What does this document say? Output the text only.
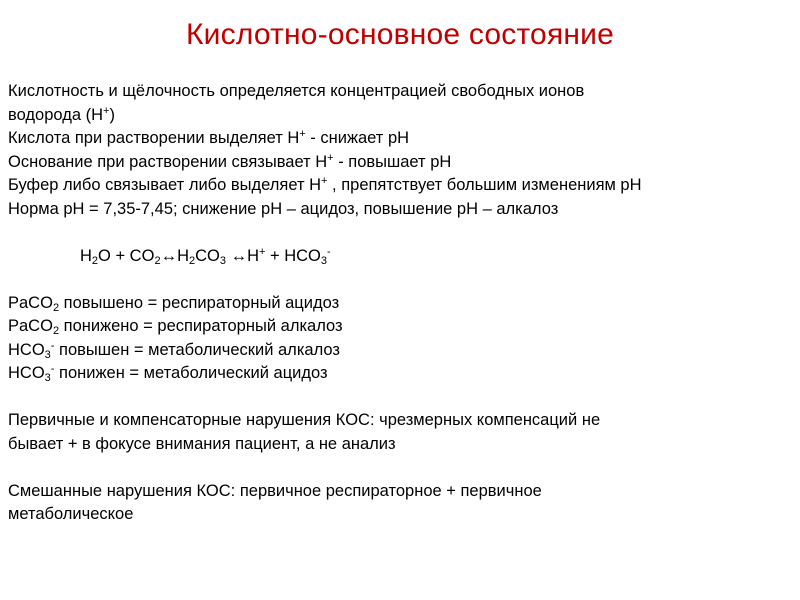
Кислотно-основное состояние
Кислотность и щёлочность определяется концентрацией свободных ионов
водорода (H+)
Кислота при растворении выделяет H+ - снижает рН
Основание при растворении связывает H+ - повышает рН
Буфер либо связывает либо выделяет H+ , препятствует большим изменениям рН
Норма рН = 7,35-7,45; снижение рН – ацидоз, повышение рН – алкалоз
$H_2O$ + $CO_2\leftrightarrow H_2CO_3$ ↔H+ + $HCO_3^-$
PaCO$_2$ повышено = респираторный ацидоз
PaCO$_2$ понижено = респираторный алкалоз
$HCO_3^-$ повышен = метаболический алкалоз
$HCO_3^-$ понижен = метаболический ацидоз
Первичные и компенсаторные нарушения КОС: чрезмерных компенсаций не
бывает + в фокусе внимания пациент, а не анализ
Смешанные нарушения КОС: первичное респираторное + первичное
метаболическое
